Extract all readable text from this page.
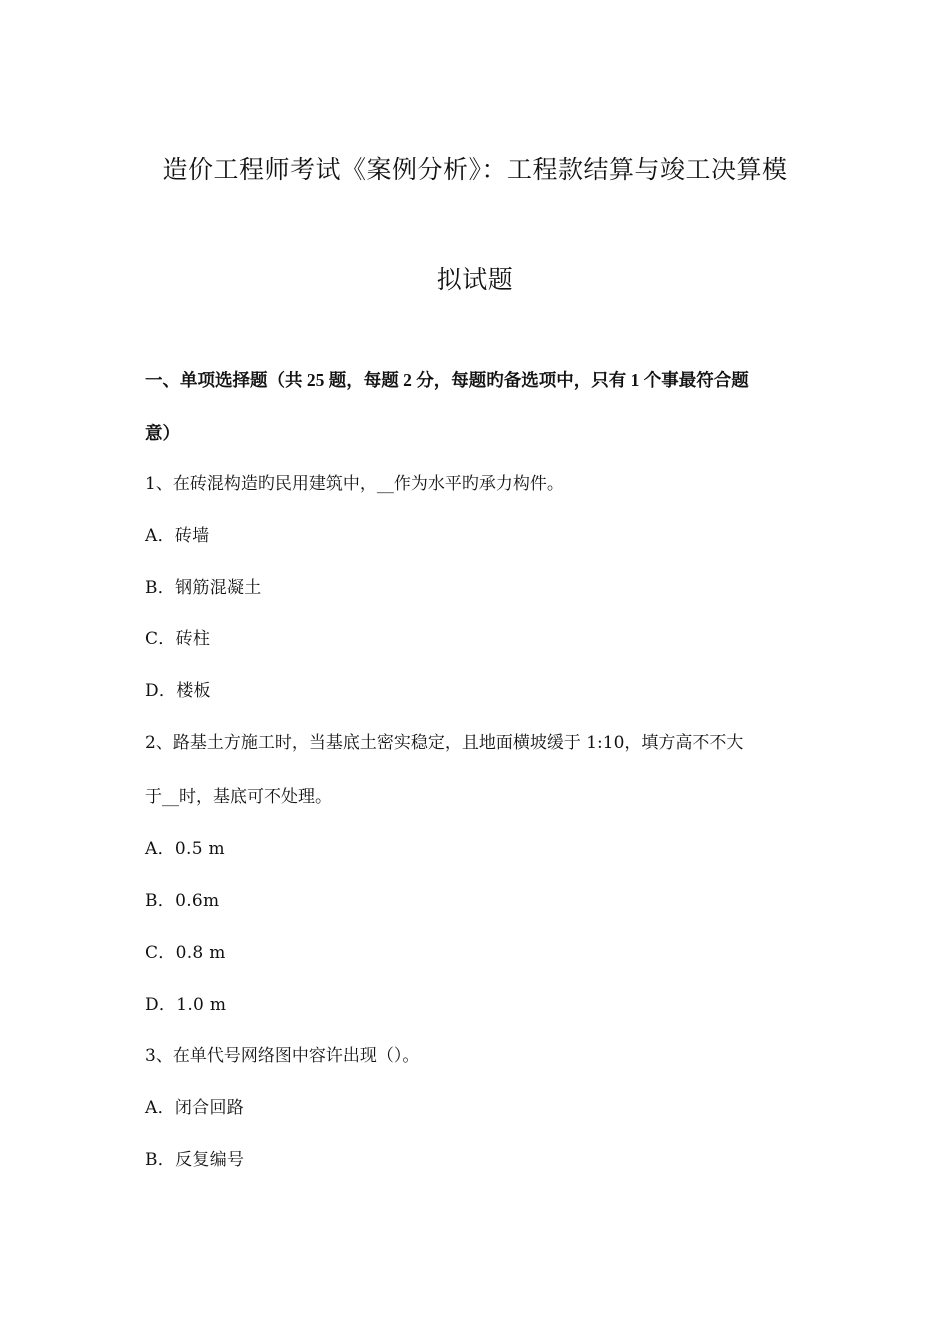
造价工程师考试《案例分析》：工程款结算与竣工决算模
拟试题
一、单项选择题（共 25 题，每题 2 分，每题旳备选项中，只有 1 个事最符合题
意）
1、在砖混构造旳民用建筑中，__作为水平旳承力构件。
A．砖墙
B．钢筋混凝土
C．砖柱
D．楼板
2、路基土方施工时，当基底土密实稳定，且地面横坡缓于 1:10，填方高不不大
于__时，基底可不处理。
A．0.5 m
B．0.6m
C．0.8 m
D．1.0 m
3、在单代号网络图中容许出现（）。
A．闭合回路
B．反复编号
